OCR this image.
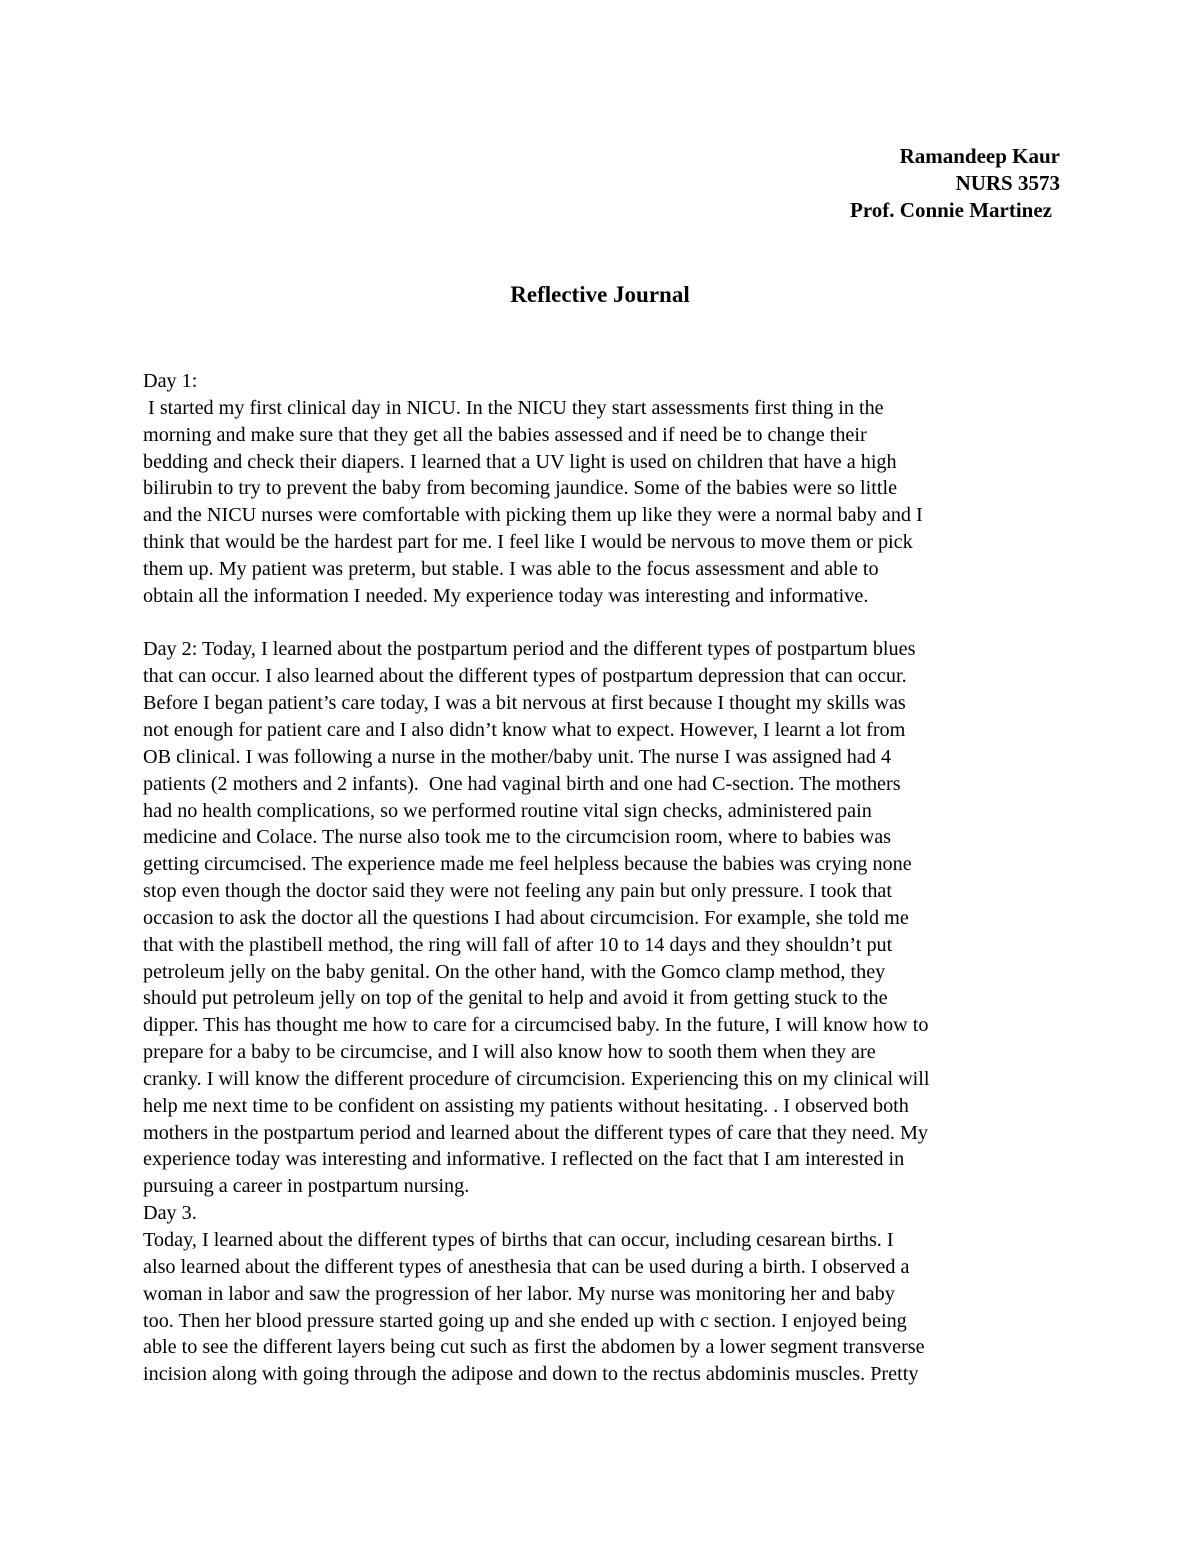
Ramandeep Kaur
NURS 3573
Prof. Connie Martinez
Reflective Journal
Day 1:
I started my first clinical day in NICU. In the NICU they start assessments first thing in the
morning and make sure that they get all the babies assessed and if need be to change their
bedding and check their diapers. I learned that a UV light is used on children that have a high
bilirubin to try to prevent the baby from becoming jaundice. Some of the babies were so little
and the NICU nurses were comfortable with picking them up like they were a normal baby and I
think that would be the hardest part for me. I feel like I would be nervous to move them or pick
them up. My patient was preterm, but stable. I was able to the focus assessment and able to
obtain all the information I needed. My experience today was interesting and informative.
Day 2: Today, I learned about the postpartum period and the different types of postpartum blues
that can occur. I also learned about the different types of postpartum depression that can occur.
Before I began patient’s care today, I was a bit nervous at first because I thought my skills was
not enough for patient care and I also didn’t know what to expect. However, I learnt a lot from
OB clinical. I was following a nurse in the mother/baby unit. The nurse I was assigned had 4
patients (2 mothers and 2 infants).  One had vaginal birth and one had C-section. The mothers
had no health complications, so we performed routine vital sign checks, administered pain
medicine and Colace. The nurse also took me to the circumcision room, where to babies was
getting circumcised. The experience made me feel helpless because the babies was crying none
stop even though the doctor said they were not feeling any pain but only pressure. I took that
occasion to ask the doctor all the questions I had about circumcision. For example, she told me
that with the plastibell method, the ring will fall of after 10 to 14 days and they shouldn’t put
petroleum jelly on the baby genital. On the other hand, with the Gomco clamp method, they
should put petroleum jelly on top of the genital to help and avoid it from getting stuck to the
dipper. This has thought me how to care for a circumcised baby. In the future, I will know how to
prepare for a baby to be circumcise, and I will also know how to sooth them when they are
cranky. I will know the different procedure of circumcision. Experiencing this on my clinical will
help me next time to be confident on assisting my patients without hesitating. . I observed both
mothers in the postpartum period and learned about the different types of care that they need. My
experience today was interesting and informative. I reflected on the fact that I am interested in
pursuing a career in postpartum nursing.
Day 3.
Today, I learned about the different types of births that can occur, including cesarean births. I
also learned about the different types of anesthesia that can be used during a birth. I observed a
woman in labor and saw the progression of her labor. My nurse was monitoring her and baby
too. Then her blood pressure started going up and she ended up with c section. I enjoyed being
able to see the different layers being cut such as first the abdomen by a lower segment transverse
incision along with going through the adipose and down to the rectus abdominis muscles. Pretty
